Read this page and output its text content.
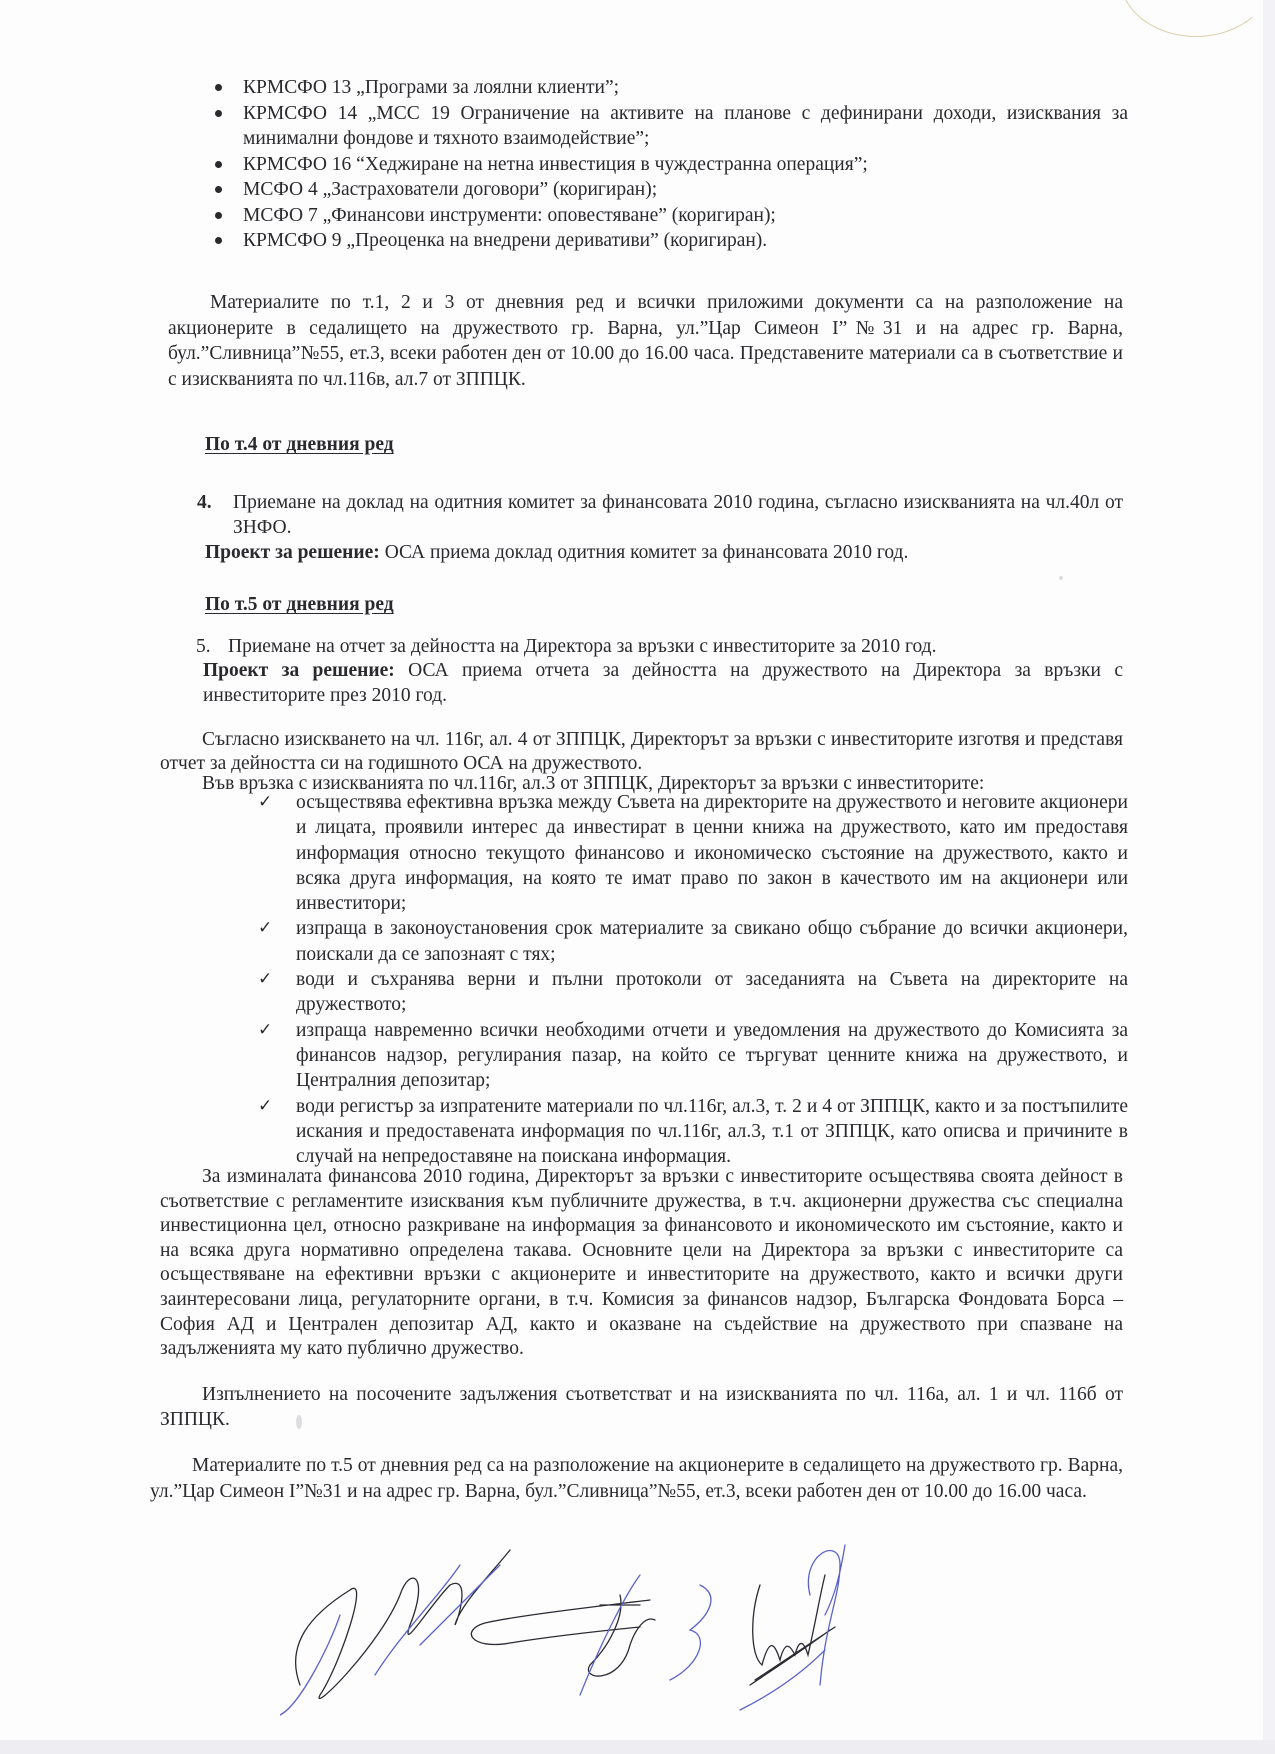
КРМСФО 13 „Програми за лоялни клиенти”;
КРМСФО 14 „МСС 19 Ограничение на активите на планове с дефинирани доходи, изисквания за минимални фондове и тяхното взаимодействие”;
КРМСФО 16 “Хеджиране на нетна инвестиция в чуждестранна операция”;
МСФО 4 „Застрахователи договори” (коригиран);
МСФО 7 „Финансови инструменти: оповестяване” (коригиран);
КРМСФО 9 „Преоценка на внедрени деривативи” (коригиран).
Материалите по т.1, 2 и 3 от дневния ред и всички приложими документи са на разположение на акционерите в седалището на дружеството гр. Варна, ул.”Цар Симеон I”№31 и на адрес гр. Варна, бул.”Сливница”№55, ет.3, всеки работен ден от 10.00 до 16.00 часа. Представените материали са в съответствие и с изискванията по чл.116в, ал.7 от ЗППЦК.
По т.4 от дневния ред
4. Приемане на доклад на одитния комитет за финансовата 2010 година, съгласно изискванията на чл.40л от ЗНФО.
Проект за решение: ОСА приема доклад одитния комитет за финансовата 2010 год.
По т.5 от дневния ред
5. Приемане на отчет за дейността на Директора за връзки с инвеститорите за 2010 год.
Проект за решение: ОСА приема отчета за дейността на дружеството на Директора за връзки с инвеститорите през 2010 год.
Съгласно изискването на чл. 116г, ал. 4 от ЗППЦК, Директорът за връзки с инвеститорите изготвя и представя отчет за дейността си на годишното ОСА на дружеството.
Във връзка с изискванията по чл.116г, ал.3 от ЗППЦК, Директорът за връзки с инвеститорите:
✓ осъществява ефективна връзка между Съвета на директорите на дружеството и неговите акционери и лицата, проявили интерес да инвестират в ценни книжа на дружеството, като им предоставя информация относно текущото финансово и икономическо състояние на дружеството, както и всяка друга информация, на която те имат право по закон в качеството им на акционери или инвеститори;
✓ изпраща в законоустановения срок материалите за свикано общо събрание до всички акционери, поискали да се запознаят с тях;
✓ води и съхранява верни и пълни протоколи от заседанията на Съвета на директорите на дружеството;
✓ изпраща навременно всички необходими отчети и уведомления на дружеството до Комисията за финансов надзор, регулирания пазар, на който се търгуват ценните книжа на дружеството, и Централния депозитар;
✓ води регистър за изпратените материали по чл.116г, ал.3, т. 2 и 4 от ЗППЦК, както и за постъпилите искания и предоставената информация по чл.116г, ал.3, т.1 от ЗППЦК, като описва и причините в случай на непредоставяне на поискана информация.
За изминалата финансова 2010 година, Директорът за връзки с инвеститорите осъществява своята дейност в съответствие с регламентите изисквания към публичните дружества, в т.ч. акционерни дружества със специална инвестиционна цел, относно разкриване на информация за финансовото и икономическото им състояние, както и на всяка друга нормативно определена такава. Основните цели на Директора за връзки с инвеститорите са осъществяване на ефективни връзки с акционерите и инвеститорите на дружеството, както и всички други заинтересовани лица, регулаторните органи, в т.ч. Комисия за финансов надзор, Българска Фондовата Борса – София АД и Централен депозитар АД, както и оказване на съдействие на дружеството при спазване на задълженията му като публично дружество.
Изпълнението на посочените задължения съответстват и на изискванията по чл. 116а, ал. 1 и чл. 116б от ЗППЦК.
Материалите по т.5 от дневния ред са на разположение на акционерите в седалището на дружеството гр. Варна, ул.”Цар Симеон I”№31 и на адрес гр. Варна, бул.”Сливница”№55, ет.3, всеки работен ден от 10.00 до 16.00 часа.
